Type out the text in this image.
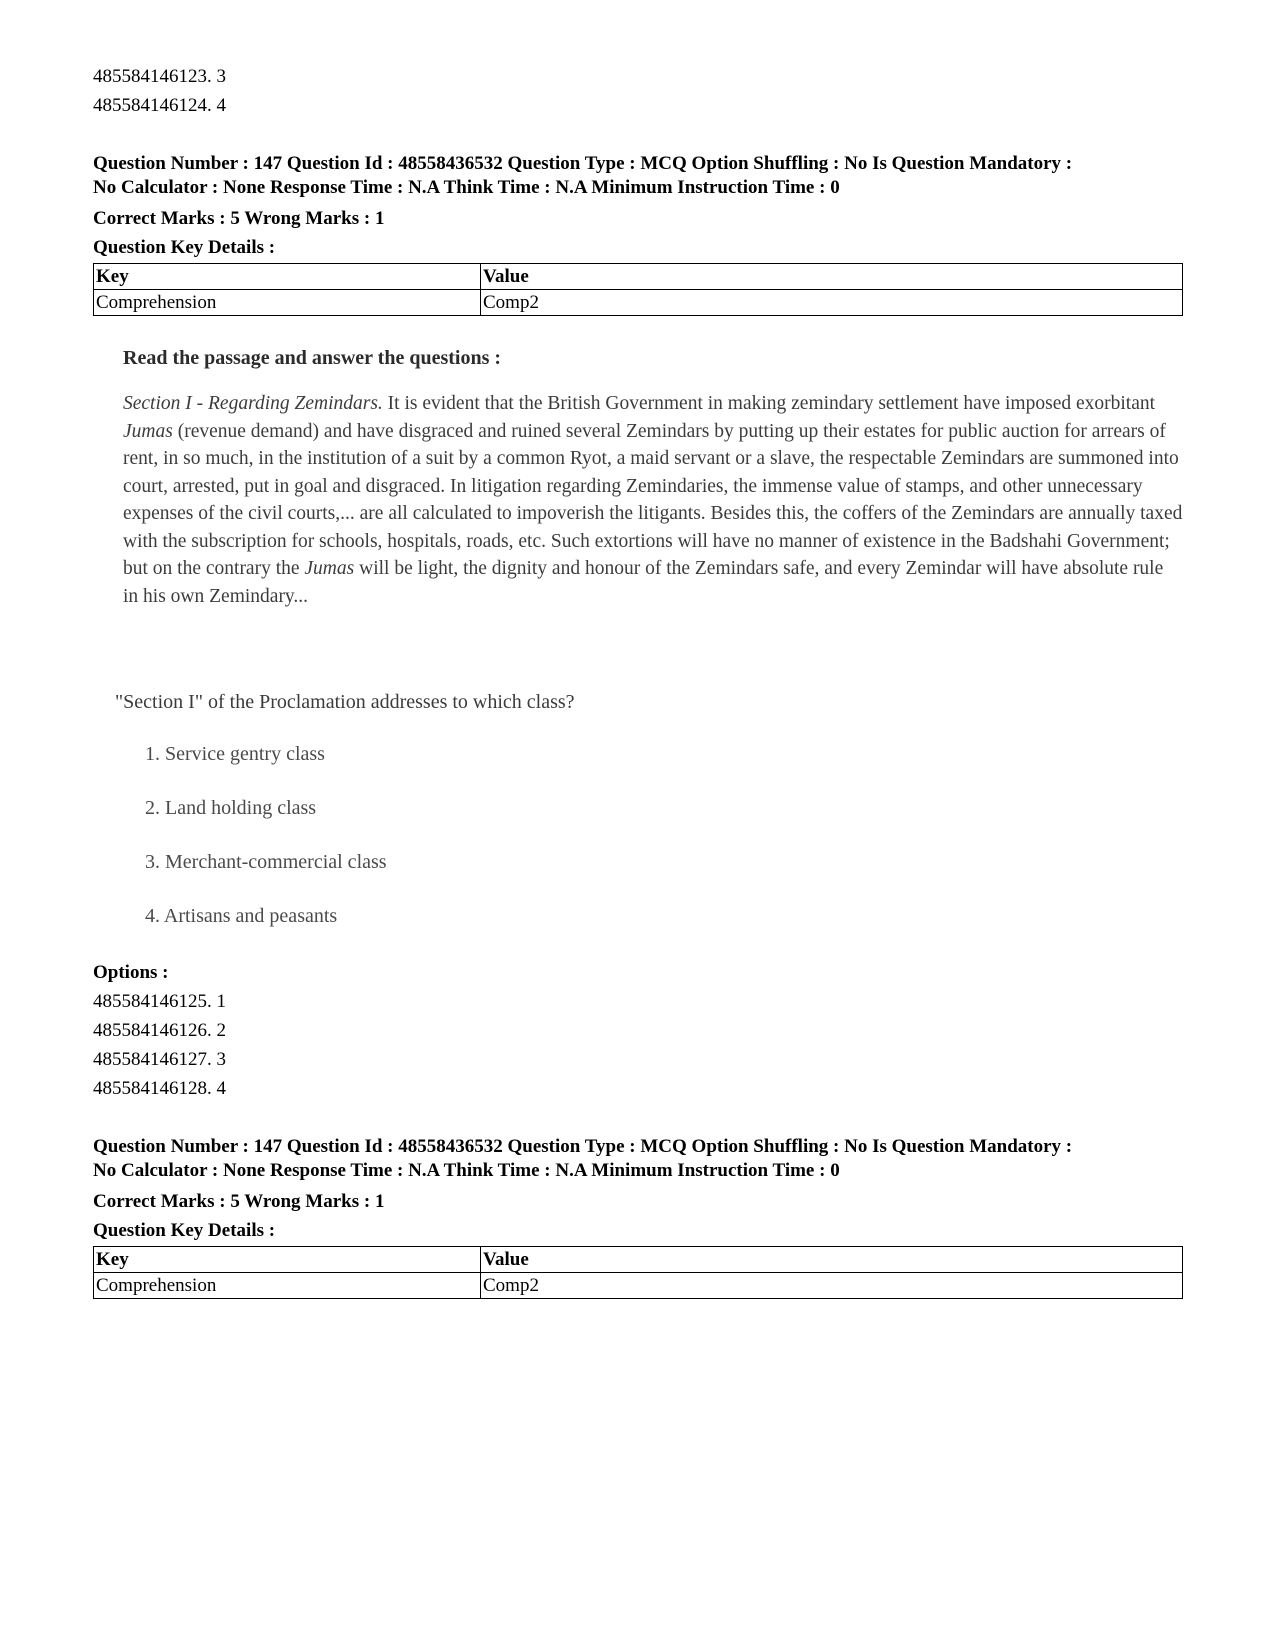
485584146123. 3

485584146124. 4

Question Number : 147 Question Id : 48558436532 Question Type : MCQ Option Shuffling : No Is Question Mandatory :

No Calculator : None Response Time : N.A Think Time : N.A Minimum Instruction Time : 0

Correct Marks : 5 Wrong Marks : 1

Question Key Details :

Key	Value
Comprehension	Comp2

Read the passage and answer the questions :

Section I - Regarding Zemindars. It is evident that the British Government in making zemindary settlement have imposed exorbitant Jumas (revenue demand) and have disgraced and ruined several Zemindars by putting up their estates for public auction for arrears of rent, in so much, in the institution of a suit by a common Ryot, a maid servant or a slave, the respectable Zemindars are summoned into court, arrested, put in goal and disgraced. In litigation regarding Zemindaries, the immense value of stamps, and other unnecessary expenses of the civil courts,... are all calculated to impoverish the litigants. Besides this, the coffers of the Zemindars are annually taxed with the subscription for schools, hospitals, roads, etc. Such extortions will have no manner of existence in the Badshahi Government; but on the contrary the Jumas will be light, the dignity and honour of the Zemindars safe, and every Zemindar will have absolute rule in his own Zemindary...

"Section I" of the Proclamation addresses to which class?

1. Service gentry class

2. Land holding class

3. Merchant-commercial class

4. Artisans and peasants

Options :

485584146125. 1

485584146126. 2

485584146127. 3

485584146128. 4

Question Number : 147 Question Id : 48558436532 Question Type : MCQ Option Shuffling : No Is Question Mandatory :

No Calculator : None Response Time : N.A Think Time : N.A Minimum Instruction Time : 0

Correct Marks : 5 Wrong Marks : 1

Question Key Details :

Key	Value
Comprehension	Comp2
